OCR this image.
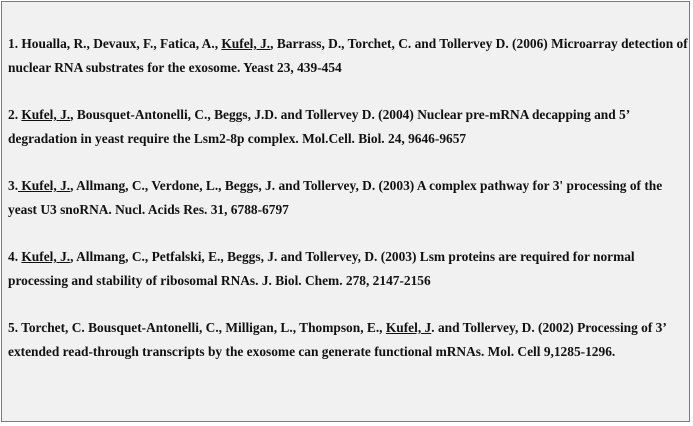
1. Houalla, R., Devaux, F., Fatica, A., Kufel, J., Barrass, D., Torchet, C. and Tollervey D. (2006) Microarray detection of nuclear RNA substrates for the exosome. Yeast 23, 439-454
2. Kufel, J., Bousquet-Antonelli, C., Beggs, J.D. and Tollervey D. (2004) Nuclear pre-mRNA decapping and 5’ degradation in yeast require the Lsm2-8p complex. Mol.Cell. Biol. 24, 9646-9657
3. Kufel, J., Allmang, C., Verdone, L., Beggs, J. and Tollervey, D. (2003) A complex pathway for 3' processing of the yeast U3 snoRNA. Nucl. Acids Res. 31, 6788-6797
4. Kufel, J., Allmang, C., Petfalski, E., Beggs, J. and Tollervey, D. (2003) Lsm proteins are required for normal processing and stability of ribosomal RNAs. J. Biol. Chem. 278, 2147-2156
5. Torchet, C. Bousquet-Antonelli, C., Milligan, L., Thompson, E., Kufel, J. and Tollervey, D. (2002) Processing of 3’ extended read-through transcripts by the exosome can generate functional mRNAs. Mol. Cell 9,1285-1296.
